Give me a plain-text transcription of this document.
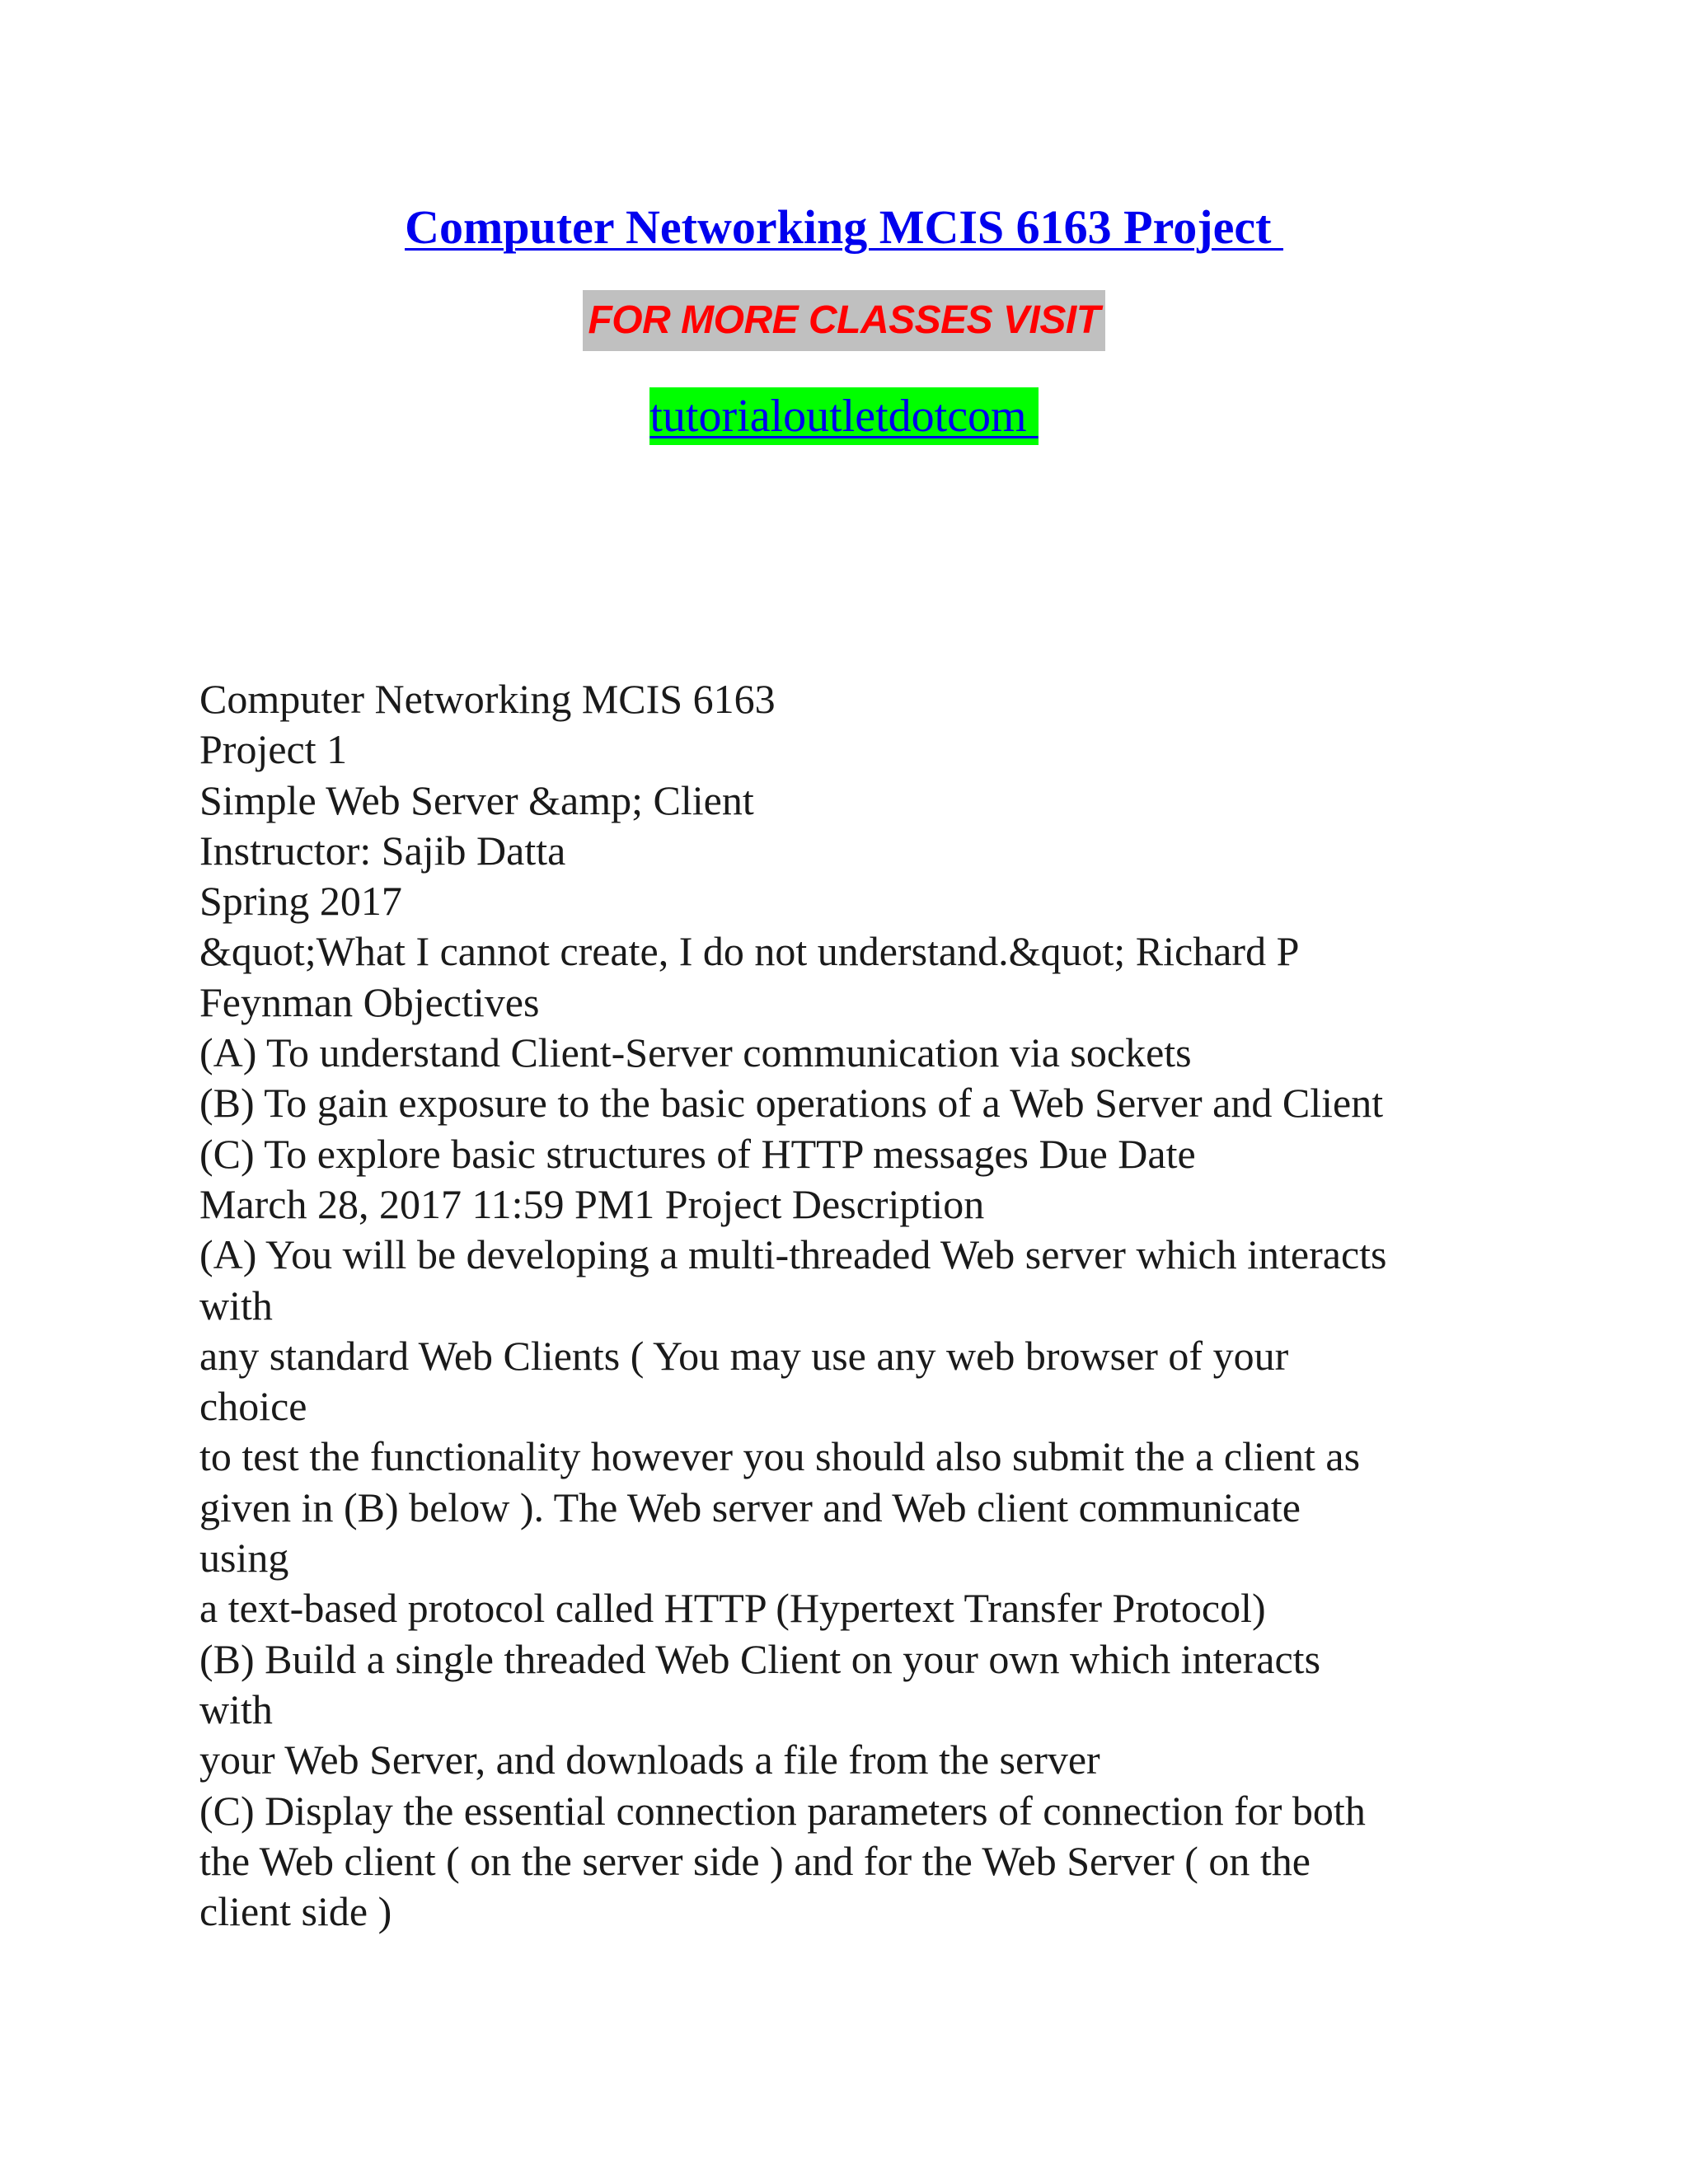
Computer Networking MCIS 6163 Project
FOR MORE CLASSES VISIT
tutorialoutletdotcom
Computer Networking MCIS 6163
Project 1
Simple Web Server &amp; Client
Instructor: Sajib Datta
Spring 2017
&quot;What I cannot create, I do not understand.&quot; Richard P
Feynman Objectives
(A) To understand Client-Server communication via sockets
(B) To gain exposure to the basic operations of a Web Server and Client
(C) To explore basic structures of HTTP messages Due Date
March 28, 2017 11:59 PM1 Project Description
(A) You will be developing a multi-threaded Web server which interacts
with
any standard Web Clients ( You may use any web browser of your
choice
to test the functionality however you should also submit the a client as
given in (B) below ). The Web server and Web client communicate
using
a text-based protocol called HTTP (Hypertext Transfer Protocol)
(B) Build a single threaded Web Client on your own which interacts
with
your Web Server, and downloads a file from the server
(C) Display the essential connection parameters of connection for both
the Web client ( on the server side ) and for the Web Server ( on the
client side )
